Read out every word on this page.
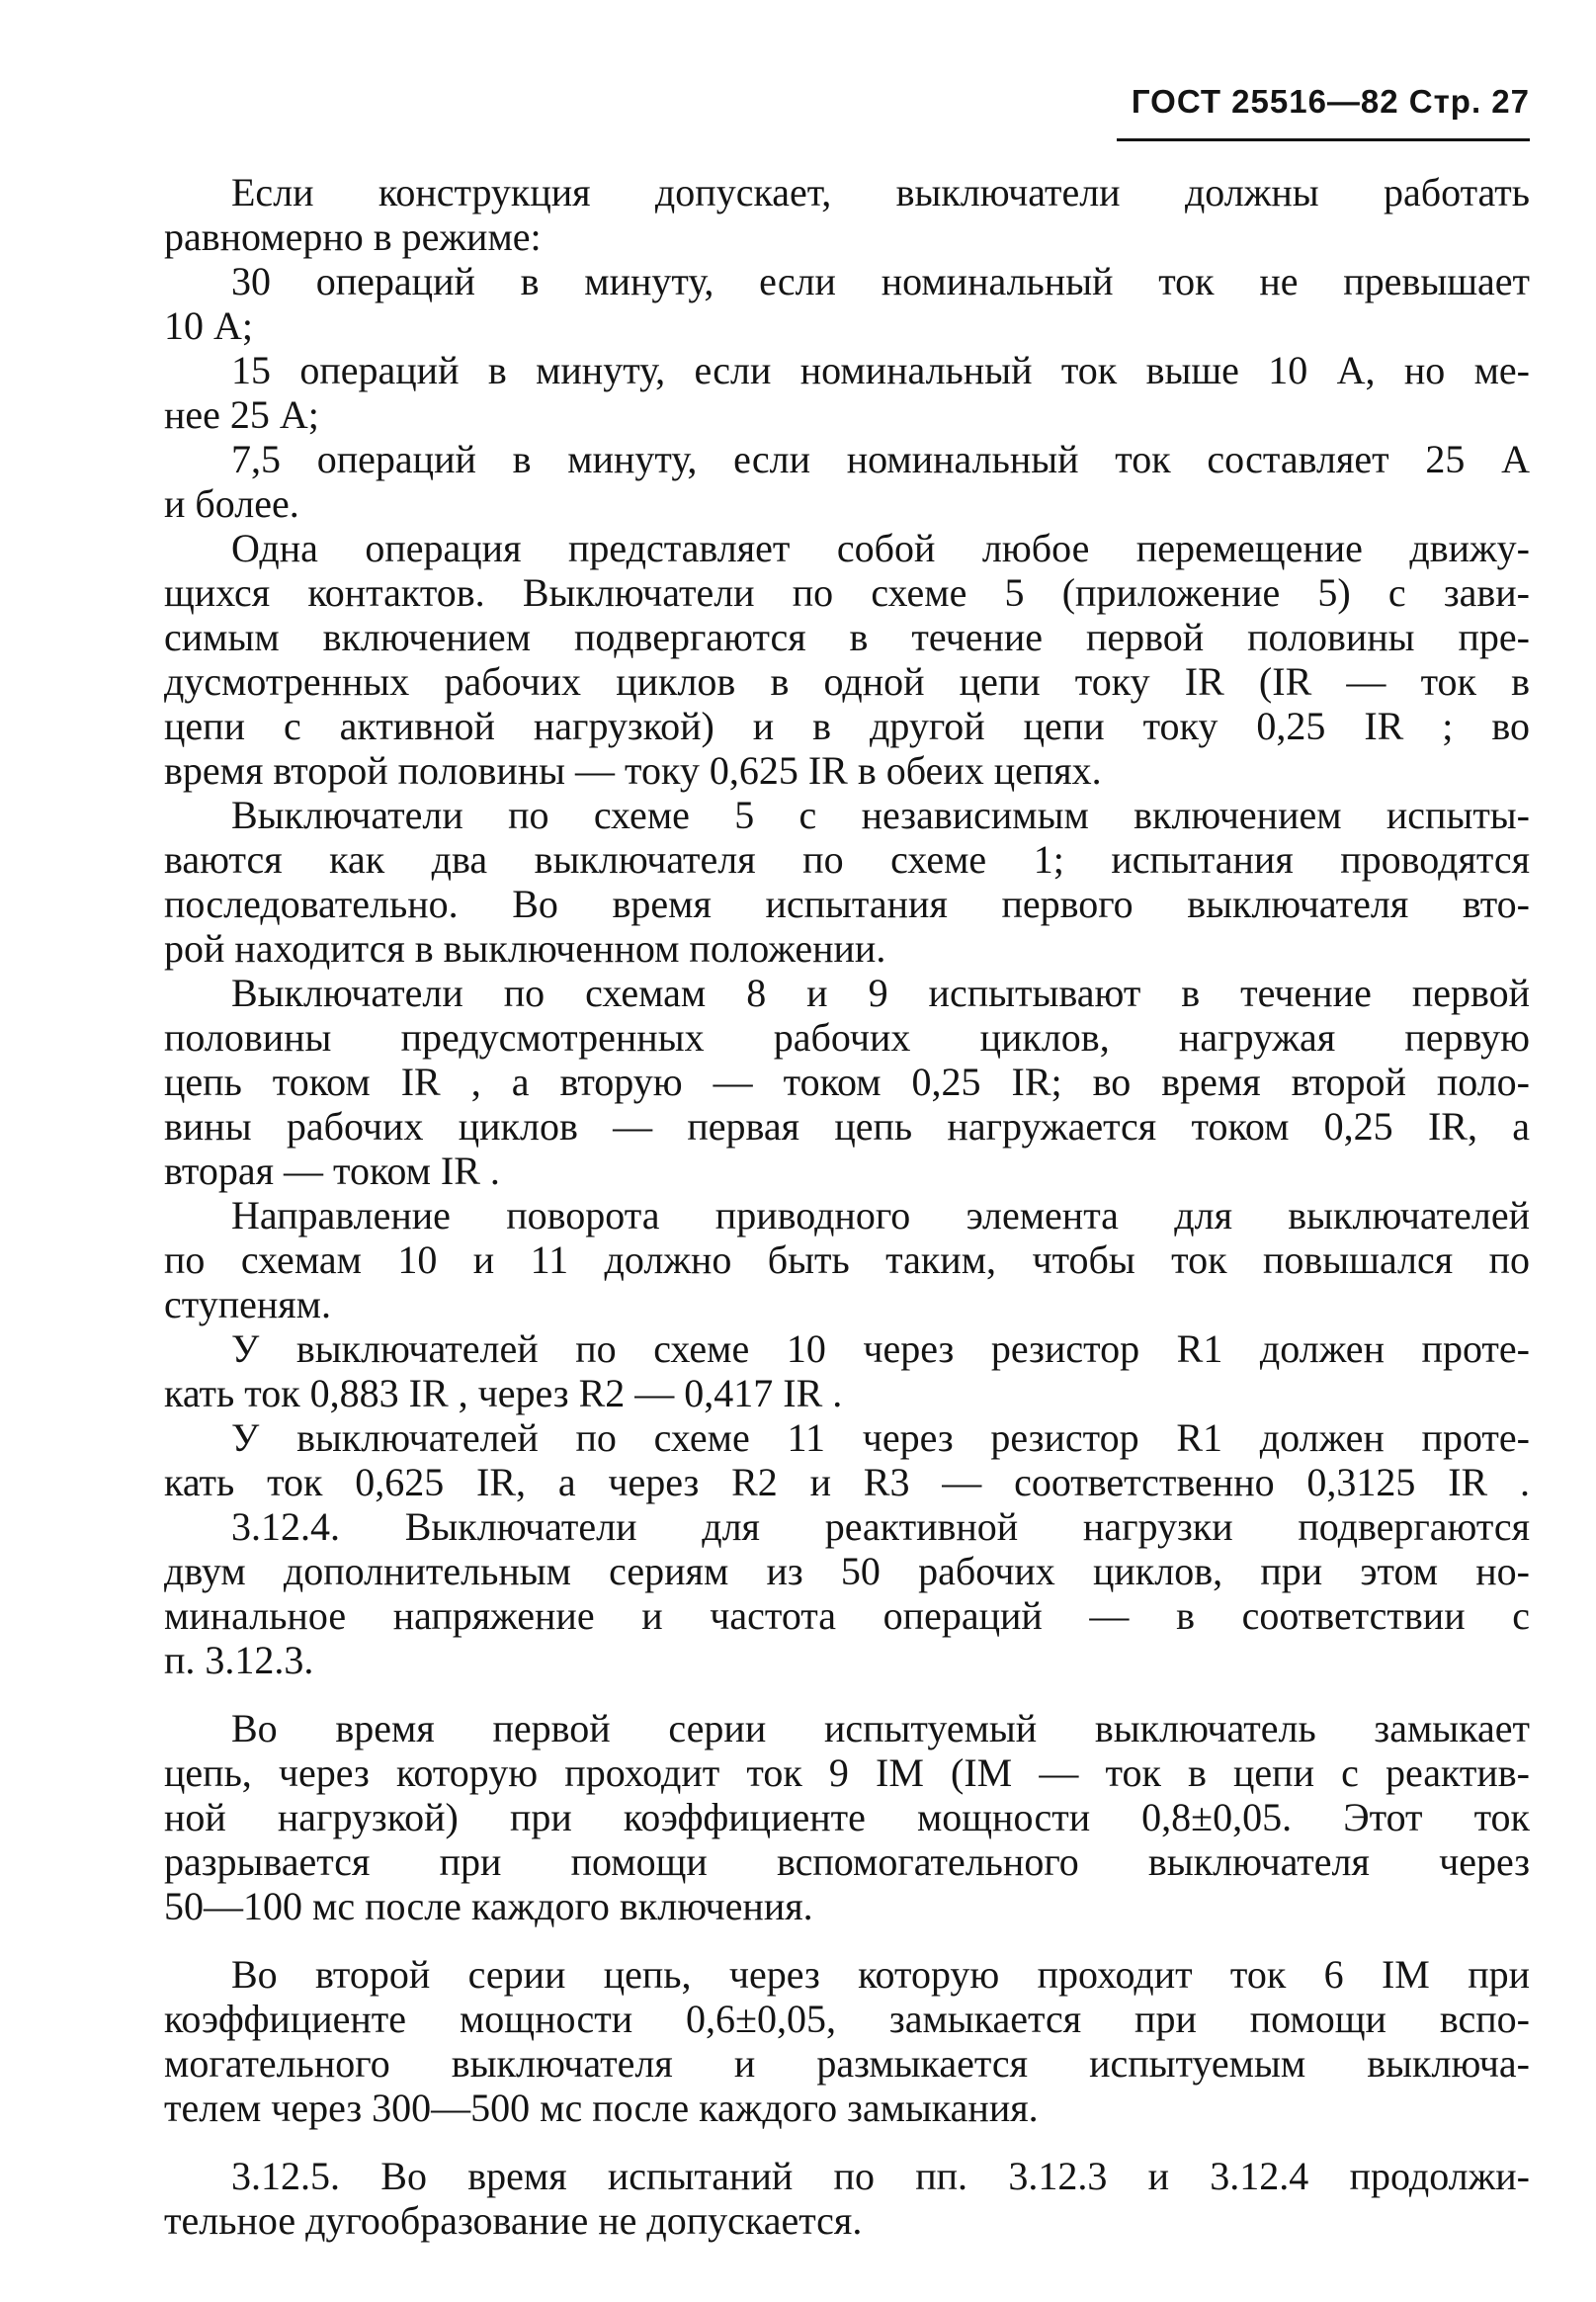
ГОСТ 25516—82 Стр. 27
Если конструкция допускает, выключатели должны работать
равномерно в режиме:
30 операций в минуту, если номинальный ток не превышает
10 А;
15 операций в минуту, если номинальный ток выше 10 А, но ме-
нее 25 А;
7,5 операций в минуту, если номинальный ток составляет 25 А
и более.
Одна операция представляет собой любое перемещение движу-
щихся контактов. Выключатели по схеме 5 (приложение 5) с зави-
симым включением подвергаются в течение первой половины пре-
дусмотренных рабочих циклов в одной цепи току IR (IR — ток в
цепи с активной нагрузкой) и в другой цепи току 0,25 IR ; во
время второй половины — току 0,625 IR в обеих цепях.
Выключатели по схеме 5 с независимым включением испыты-
ваются как два выключателя по схеме 1; испытания проводятся
последовательно. Во время испытания первого выключателя вто-
рой находится в выключенном положении.
Выключатели по схемам 8 и 9 испытывают в течение первой
половины предусмотренных рабочих циклов, нагружая первую
цепь током IR , а вторую — током 0,25 IR; во время второй поло-
вины рабочих циклов — первая цепь нагружается током 0,25 IR, а
вторая — током IR .
Направление поворота приводного элемента для выключателей
по схемам 10 и 11 должно быть таким, чтобы ток повышался по
ступеням.
У выключателей по схеме 10 через резистор R1 должен проте-
кать ток 0,883 IR , через R2 — 0,417 IR .
У выключателей по схеме 11 через резистор R1 должен проте-
кать ток 0,625 IR, а через R2 и R3 — соответственно 0,3125 IR .
3.12.4. Выключатели для реактивной нагрузки подвергаются
двум дополнительным сериям из 50 рабочих циклов, при этом но-
минальное напряжение и частота операций — в соответствии с
п. 3.12.3.
Во время первой серии испытуемый выключатель замыкает
цепь, через которую проходит ток 9 IM (IM — ток в цепи с реактив-
ной нагрузкой) при коэффициенте мощности 0,8±0,05. Этот ток
разрывается при помощи вспомогательного выключателя через
50—100 мс после каждого включения.
Во второй серии цепь, через которую проходит ток 6 IM при
коэффициенте мощности 0,6±0,05, замыкается при помощи вспо-
могательного выключателя и размыкается испытуемым выключа-
телем через 300—500 мс после каждого замыкания.
3.12.5. Во время испытаний по пп. 3.12.3 и 3.12.4 продолжи-
тельное дугообразование не допускается.
